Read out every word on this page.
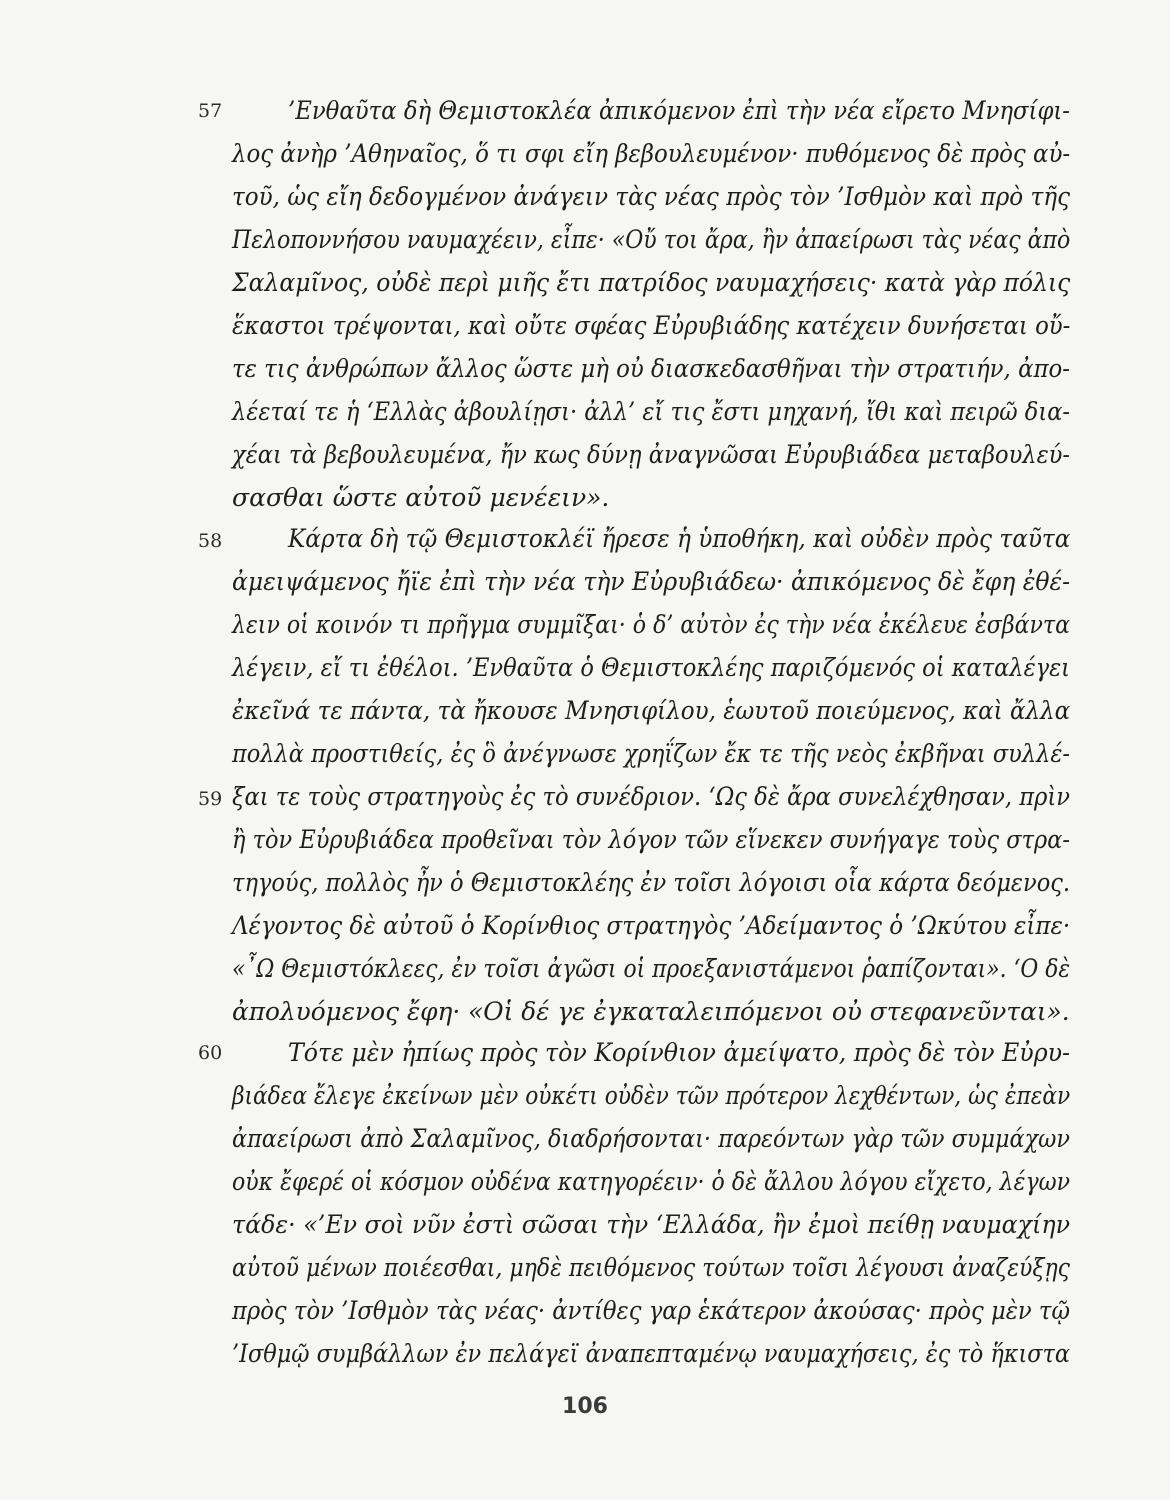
57	’Ενθαῦτα δὴ Θεμιστοκλέα ἀπικόμενον ἐπὶ τὴν νέα εἴρετο Μνησίφι-
λος ἀνὴρ ’Αθηναῖος, ὅ τι σφι εἴη βεβουλευμένον· πυθόμενος δὲ πρὸς αὐ-
τοῦ, ὡς εἴη δεδογμένον ἀνάγειν τὰς νέας πρὸς τὸν ’Ισθμὸν καὶ πρὸ τῆς
Πελοποννήσου ναυμαχέειν, εἶπε· «Οὔ τοι ἄρα, ἢν ἀπαείρωσι τὰς νέας ἀπὸ
Σαλαμῖνος, οὐδὲ περὶ μιῆς ἔτι πατρίδος ναυμαχήσεις· κατὰ γὰρ πόλις
ἕκαστοι τρέψονται, καὶ οὔτε σφέας Εὐρυβιάδης κατέχειν δυνήσεται οὔ-
τε τις ἀνθρώπων ἄλλος ὥστε μὴ οὐ διασκεδασθῆναι τὴν στρατιήν, ἀπο-
λέεταί τε ἡ ‘Ελλὰς ἀβουλίῃσι· ἀλλ’ εἴ τις ἔστι μηχανή, ἴθι καὶ πειρῶ δια-
χέαι τὰ βεβουλευμένα, ἤν κως δύνῃ ἀναγνῶσαι Εὐρυβιάδεα μεταβουλεύ-
σασθαι ὥστε αὐτοῦ μενέειν».
58	Κάρτα δὴ τῷ Θεμιστοκλέϊ ἤρεσε ἡ ὑποθήκη, καὶ οὐδὲν πρὸς ταῦτα
ἀμειψάμενος ἤϊε ἐπὶ τὴν νέα τὴν Εὐρυβιάδεω· ἀπικόμενος δὲ ἔφη ἐθέ-
λειν οἱ κοινόν τι πρῆγμα συμμῖξαι· ὁ δ’ αὐτὸν ἐς τὴν νέα ἐκέλευε ἐσβάντα
λέγειν, εἴ τι ἐθέλοι. ’Ενθαῦτα ὁ Θεμιστοκλέης παριζόμενός οἱ καταλέγει
ἐκεῖνά τε πάντα, τὰ ἤκουσε Μνησιφίλου, ἑωυτοῦ ποιεύμενος, καὶ ἄλλα
πολλὰ προστιθείς, ἐς ὃ ἀνέγνωσε χρηΐζων ἔκ τε τῆς νεὸς ἐκβῆναι συλλέ-
59 ξαι τε τοὺς στρατηγοὺς ἐς τὸ συνέδριον. ‘Ως δὲ ἄρα συνελέχθησαν, πρὶν
ἢ τὸν Εὐρυβιάδεα προθεῖναι τὸν λόγον τῶν εἵνεκεν συνήγαγε τοὺς στρα-
τηγούς, πολλὸς ἦν ὁ Θεμιστοκλέης ἐν τοῖσι λόγοισι οἷα κάρτα δεόμενος.
Λέγοντος δὲ αὐτοῦ ὁ Κορίνθιος στρατηγὸς ’Αδείμαντος ὁ ’Ωκύτου εἶπε·
«῏Ω Θεμιστόκλεες, ἐν τοῖσι ἀγῶσι οἱ προεξανιστάμενοι ῥαπίζονται». ‘Ο δὲ
ἀπολυόμενος ἔφη· «Οἱ δέ γε ἐγκαταλειπόμενοι οὐ στεφανεῦνται».
60	Τότε μὲν ἠπίως πρὸς τὸν Κορίνθιον ἀμείψατο, πρὸς δὲ τὸν Εὐρυ-
βιάδεα ἔλεγε ἐκείνων μὲν οὐκέτι οὐδὲν τῶν πρότερον λεχθέντων, ὡς ἐπεὰν
ἀπαείρωσι ἀπὸ Σαλαμῖνος, διαδρήσονται· παρεόντων γὰρ τῶν συμμάχων
οὐκ ἔφερέ οἱ κόσμον οὐδένα κατηγορέειν· ὁ δὲ ἄλλου λόγου εἴχετο, λέγων
τάδε· «’Εν σοὶ νῦν ἐστὶ σῶσαι τὴν ‘Ελλάδα, ἢν ἐμοὶ πείθῃ ναυμαχίην
αὐτοῦ μένων ποιέεσθαι, μηδὲ πειθόμενος τούτων τοῖσι λέγουσι ἀναζεύξῃς
πρὸς τὸν ’Ισθμὸν τὰς νέας· ἀντίθες γαρ ἑκάτερον ἀκούσας· πρὸς μὲν τῷ
’Ισθμῷ συμβάλλων ἐν πελάγεϊ ἀναπεπταμένῳ ναυμαχήσεις, ἐς τὸ ἥκιστα
106
